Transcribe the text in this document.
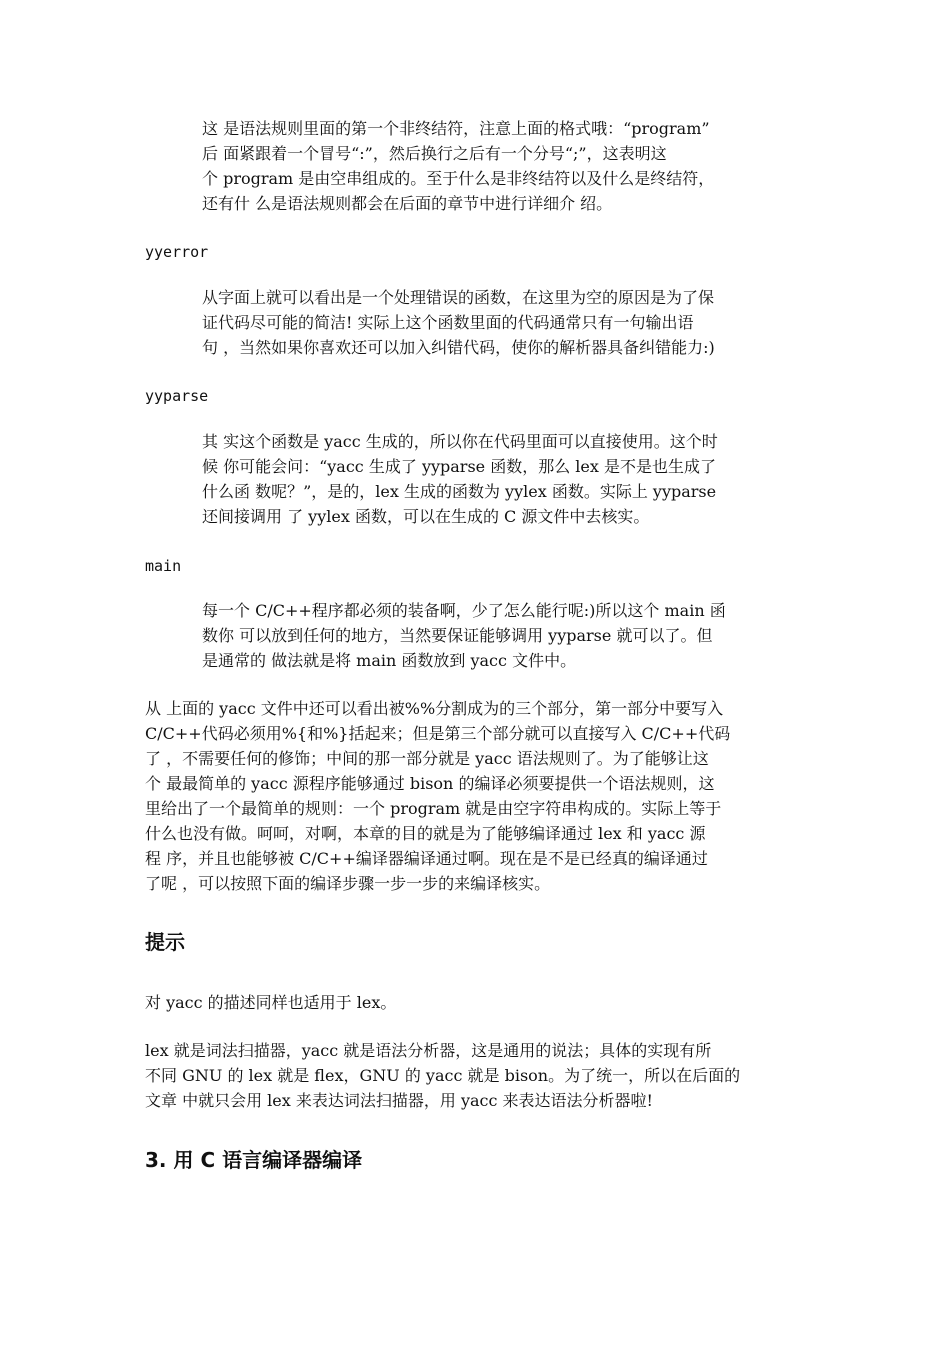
这 是语法规则里面的第一个非终结符，注意上面的格式哦：“program”
后 面紧跟着一个冒号“:”，然后换行之后有一个分号“;”，这表明这
个 program 是由空串组成的。至于什么是非终结符以及什么是终结符，
还有什 么是语法规则都会在后面的章节中进行详细介 绍。
yyerror
从字面上就可以看出是一个处理错误的函数，在这里为空的原因是为了保
证代码尽可能的简洁! 实际上这个函数里面的代码通常只有一句输出语
句 ，当然如果你喜欢还可以加入纠错代码，使你的解析器具备纠错能力:)
yyparse
其 实这个函数是 yacc 生成的，所以你在代码里面可以直接使用。这个时
候 你可能会问：“yacc 生成了 yyparse 函数，那么 lex 是不是也生成了
什么函 数呢？”，是的，lex 生成的函数为 yylex 函数。实际上 yyparse
还间接调用 了 yylex 函数，可以在生成的 C 源文件中去核实。
main
每一个 C/C++程序都必须的装备啊，少了怎么能行呢:)所以这个 main 函
数你 可以放到任何的地方，当然要保证能够调用 yyparse 就可以了。但
是通常的 做法就是将 main 函数放到 yacc 文件中。
从 上面的 yacc 文件中还可以看出被%%分割成为的三个部分，第一部分中要写入
C/C++代码必须用%{和%}括起来；但是第三个部分就可以直接写入 C/C++代码
了 ，不需要任何的修饰；中间的那一部分就是 yacc 语法规则了。为了能够让这
个 最最简单的 yacc 源程序能够通过 bison 的编译必须要提供一个语法规则，这
里给出了一个最简单的规则：一个 program 就是由空字符串构成的。实际上等于
什么也没有做。呵呵，对啊，本章的目的就是为了能够编译通过 lex 和 yacc 源
程 序，并且也能够被 C/C++编译器编译通过啊。现在是不是已经真的编译通过
了呢 ，可以按照下面的编译步骤一步一步的来编译核实。
提示
对 yacc 的描述同样也适用于 lex。
lex 就是词法扫描器，yacc 就是语法分析器，这是通用的说法；具体的实现有所
不同 GNU 的 lex 就是 flex，GNU 的 yacc 就是 bison。为了统一，所以在后面的
文章 中就只会用 lex 来表达词法扫描器，用 yacc 来表达语法分析器啦!
3. 用 C 语言编译器编译
